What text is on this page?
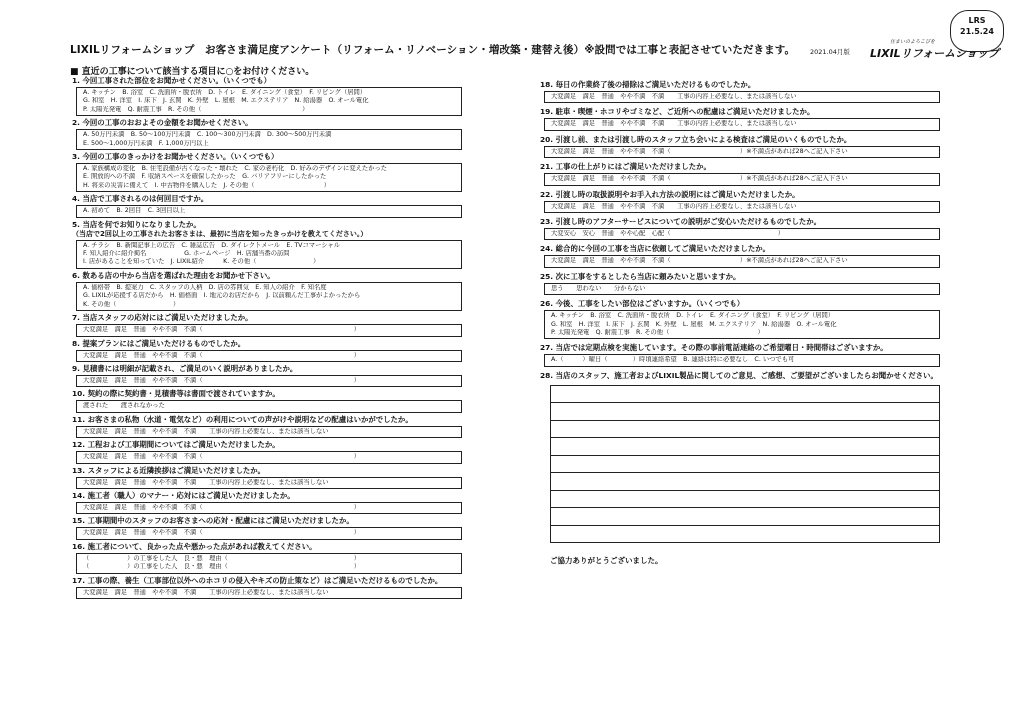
LIXILリフォームショップ　お客さま満足度アンケート（リフォーム・リノベーション・増改築・建替え後）※設問では工事と表記させていただきます。 2021.04月版
住まいのよろこびを
LIXILリフォームショップ
LRS
21.5.24
■ 直近の工事について該当する項目に○をお付けください。
1. 今回工事された部位をお聞かせください。（いくつでも）
A. キッチン　B. 浴室　C. 洗面所・脱衣所　D. トイレ　E. ダイニング（食堂）　F. リビング（居間）
G. 和室　H. 洋室　I. 床下　J. 玄関　K. 外壁　L. 屋根　M. エクステリア　N. 給湯器　O. オール電化
P. 太陽光発電　Q. 耐震工事　R. その他（　　　　　　　　　　　　　　　　）
2. 今回の工事のおおよその金額をお聞かせください。
A. 50万円未満　B. 50～100万円未満　C. 100～300万円未満　D. 300～500万円未満
E. 500～1,000万円未満　F. 1,000万円以上
3. 今回の工事のきっかけをお聞かせください。（いくつでも）
A. 家族構成の変化　B. 住宅設備が古くなった・壊れた　C. 家の老朽化　D. 好みのデザインに変えたかった
E. 開放的への不満　F. 収納スペースを確保したかった　G. バリアフリーにしたかった
H. 将来の災害に備えて　I. 中古物件を購入した　J. その他（　　　　　　　　　　　）
4. 当店で工事されるのは何回目ですか。
A. 初めて　B. 2回目　C. 3回目以上
5. 当店を何でお知りになりましたか。
（当店で2回以上の工事されたお客さまは、最初に当店を知ったきっかけを教えてください。）
A. チラシ　B. 新聞記事上の広告　C. 雑誌広告　D. ダイレクトメール　E. TVコマーシャル
F. 知人紹介に紹介掲名　　　　　　G. ホームページ　H. 店舗当番の訪問
I. 店があることを知っていた　J. LIXIL紹介　　　K. その他（　　　　　　　　　）
6. 数ある店の中から当店を選ばれた理由をお聞かせ下さい。
A. 価格帯　B. 提案力　C. スタッフの人柄　D. 店の雰囲気　E. 知人の紹介　F. 知名度
G. LIXILが応援する店だから　H. 価格面　I. 地元のお店だから　J. 以前頼んだ工事がよかったから
K. その他（　　　　　　　　　）
7. 当店スタッフの応対にはご満足いただけましたか。
大変満足　満足　普通　やや不満　不満（　　　　　　　　　　　　　　　　　　　　　　　　）
8. 提案プランにはご満足いただけるものでしたか。
大変満足　満足　普通　やや不満　不満（　　　　　　　　　　　　　　　　　　　　　　　　）
9. 見積書には明細が記載され、ご満足のいく説明がありましたか。
大変満足　満足　普通　やや不満　不満（　　　　　　　　　　　　　　　　　　　　　　　　）
10. 契約の際に契約書・見積書等は書面で渡されていますか。
渡された　　渡されなかった
11. お客さまの私物（水道・電気など）の利用についての声がけや説明などの配慮はいかがでしたか。
大変満足　満足　普通　やや不満　不満　　工事の内容上必要なし、または該当しない
12. 工程および工事期間についてはご満足いただけましたか。
大変満足　満足　普通　やや不満　不満（　　　　　　　　　　　　　　　　　　　　　　　　）
13. スタッフによる近隣挨拶はご満足いただけましたか。
大変満足　満足　普通　やや不満　不満　　工事の内容上必要なし、または該当しない
14. 施工者（職人）のマナー・応対にはご満足いただけましたか。
大変満足　満足　普通　やや不満　不満（　　　　　　　　　　　　　　　　　　　　　　　　）
15. 工事期間中のスタッフのお客さまへの応対・配慮にはご満足いただけましたか。
大変満足　満足　普通　やや不満　不満（　　　　　　　　　　　　　　　　　　　　　　　　）
16. 施工者について、良かった点や悪かった点があれば教えてください。
（　　　　　　）の工事をした人　良・悪　理由（　　　　　　　　　　　　　　　　　　　　）
（　　　　　　）の工事をした人　良・悪　理由（　　　　　　　　　　　　　　　　　　　　）
17. 工事の際、養生（工事部位以外へのホコリの侵入やキズの防止策など）はご満足いただけるものでしたか。
大変満足　満足　普通　やや不満　不満　　工事の内容上必要なし、または該当しない
18. 毎日の作業終了後の掃除はご満足いただけるものでしたか。
大変満足　満足　普通　やや不満　不満　　工事の内容上必要なし、または該当しない
19. 駐車・喫煙・ホコリやゴミなど、ご近所への配慮はご満足いただけましたか。
大変満足　満足　普通　やや不満　不満　　工事の内容上必要なし、または該当しない
20. 引渡し前、または引渡し時のスタッフ立ち会いによる検査はご満足のいくものでしたか。
大変満足　満足　普通　やや不満　不満（　　　　　　　　　　　）※不満点があれば28へご記入下さい
21. 工事の仕上がりにはご満足いただけましたか。
大変満足　満足　普通　やや不満　不満（　　　　　　　　　　　）※不満点があれば28へご記入下さい
22. 引渡し時の取扱説明やお手入れ方法の説明にはご満足いただけましたか。
大変満足　満足　普通　やや不満　不満　　工事の内容上必要なし、または該当しない
23. 引渡し時のアフターサービスについての説明がご安心いただけるものでしたか。
大変安心　安心　普通　やや心配　心配（　　　　　　　　　　　　　　　　　）
24. 総合的に今回の工事を当店に依頼してご満足いただけましたか。
大変満足　満足　普通　やや不満　不満（　　　　　　　　　　　）※不満点があれば28へご記入下さい
25. 次に工事をするとしたら当店に頼みたいと思いますか。
思う　　思わない　　分からない
26. 今後、工事をしたい部位はございますか。（いくつでも）
A. キッチン　B. 浴室　C. 洗面所・脱衣所　D. トイレ　E. ダイニング（食堂）　F. リビング（居間）
G. 和室　H. 洋室　I. 床下　J. 玄関　K. 外壁　L. 屋根　M. エクステリア　N. 給湯器　O. オール電化
P. 太陽光発電　Q. 耐震工事　R. その他（　　　　　　　　　　　　　　）
27. 当店では定期点検を実施しています。その際の事前電話連絡のご希望曜日・時間帯はございますか。
A.（　　　）曜日（　　　　）時頃連絡希望　B. 連絡は特に必要なし　C. いつでも可
28. 当店のスタッフ、施工者およびLIXIL製品に関してのご意見、ご感想、ご要望がございましたらお聞かせください。
ご協力ありがとうございました。
